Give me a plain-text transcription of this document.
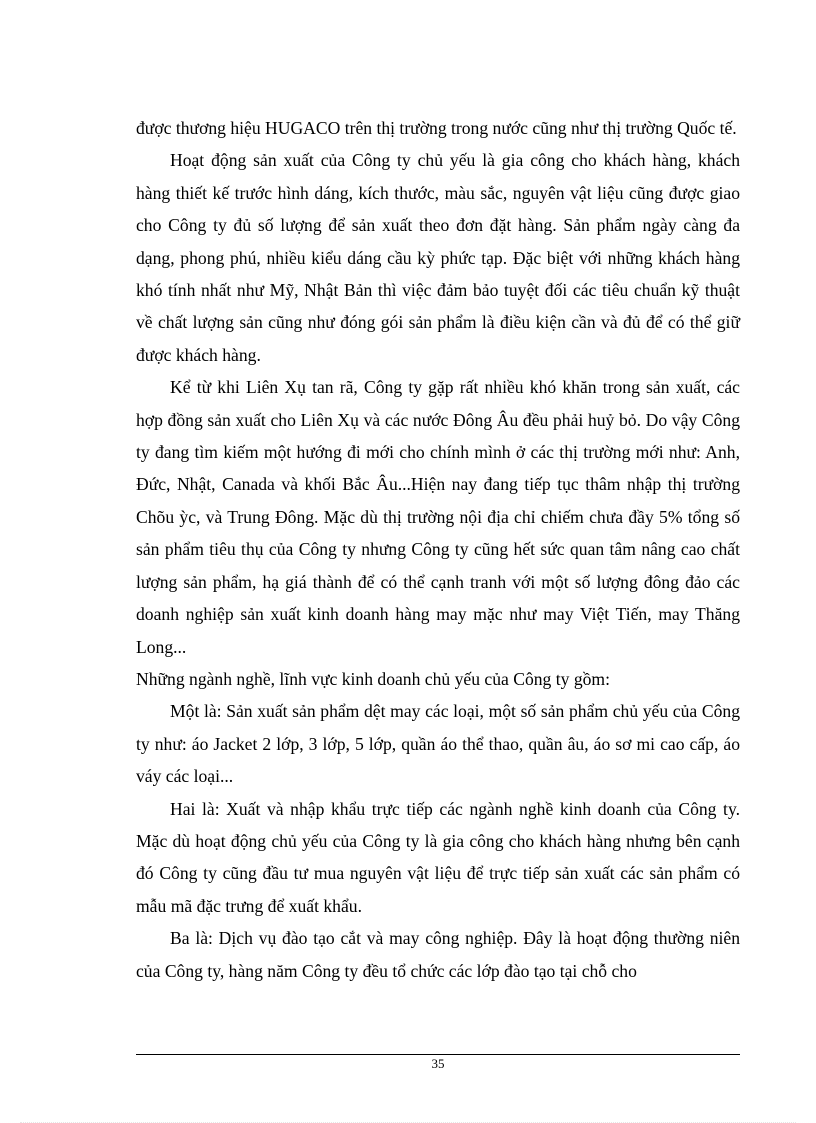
được thương hiệu HUGACO trên thị trường trong nước cũng như thị trường Quốc tế.

Hoạt động sản xuất của Công ty chủ yếu là gia công cho khách hàng, khách hàng thiết kế trước hình dáng, kích thước, màu sắc, nguyên vật liệu cũng được giao cho Công ty đủ số lượng để sản xuất theo đơn đặt hàng. Sản phẩm ngày càng đa dạng, phong phú, nhiều kiểu dáng cầu kỳ phức tạp. Đặc biệt với những khách hàng khó tính nhất như Mỹ, Nhật Bản thì việc đảm bảo tuyệt đối các tiêu chuẩn kỹ thuật về chất lượng sản cũng như đóng gói sản phẩm là điều kiện cần và đủ để có thể giữ được khách hàng.

Kể từ khi Liên Xụ tan rã, Công ty gặp rất nhiều khó khăn trong sản xuất, các hợp đồng sản xuất cho Liên Xụ và các nước Đông Âu đều phải huỷ bỏ. Do vậy Công ty đang tìm kiếm một hướng đi mới cho chính mình ở các thị trường mới như: Anh, Đức, Nhật, Canada và khối Bắc Âu...Hiện nay đang tiếp tục thâm nhập thị trường Chõu ỳc, và Trung Đông. Mặc dù thị trường nội địa chỉ chiếm chưa đầy 5% tổng số sản phẩm tiêu thụ của Công ty nhưng Công ty cũng hết sức quan tâm nâng cao chất lượng sản phẩm, hạ giá thành để có thể cạnh tranh với một số lượng đông đảo các doanh nghiệp sản xuất kinh doanh hàng may mặc như may Việt Tiến, may Thăng Long...

Những ngành nghề, lĩnh vực kinh doanh chủ yếu của Công ty gồm:

Một là: Sản xuất sản phẩm dệt may các loại, một số sản phẩm chủ yếu của Công ty như: áo Jacket 2 lớp, 3 lớp, 5 lớp, quần áo thể thao, quần âu, áo sơ mi cao cấp, áo váy các loại...

Hai là: Xuất và nhập khẩu trực tiếp các ngành nghề kinh doanh của Công ty. Mặc dù hoạt động chủ yếu của Công ty là gia công cho khách hàng nhưng bên cạnh đó Công ty cũng đầu tư mua nguyên vật liệu để trực tiếp sản xuất các sản phẩm có mẫu mã đặc trưng để xuất khẩu.

Ba là: Dịch vụ đào tạo cắt và may công nghiệp. Đây là hoạt động thường niên của Công ty, hàng năm Công ty đều tổ chức các lớp đào tạo tại chỗ cho

35
